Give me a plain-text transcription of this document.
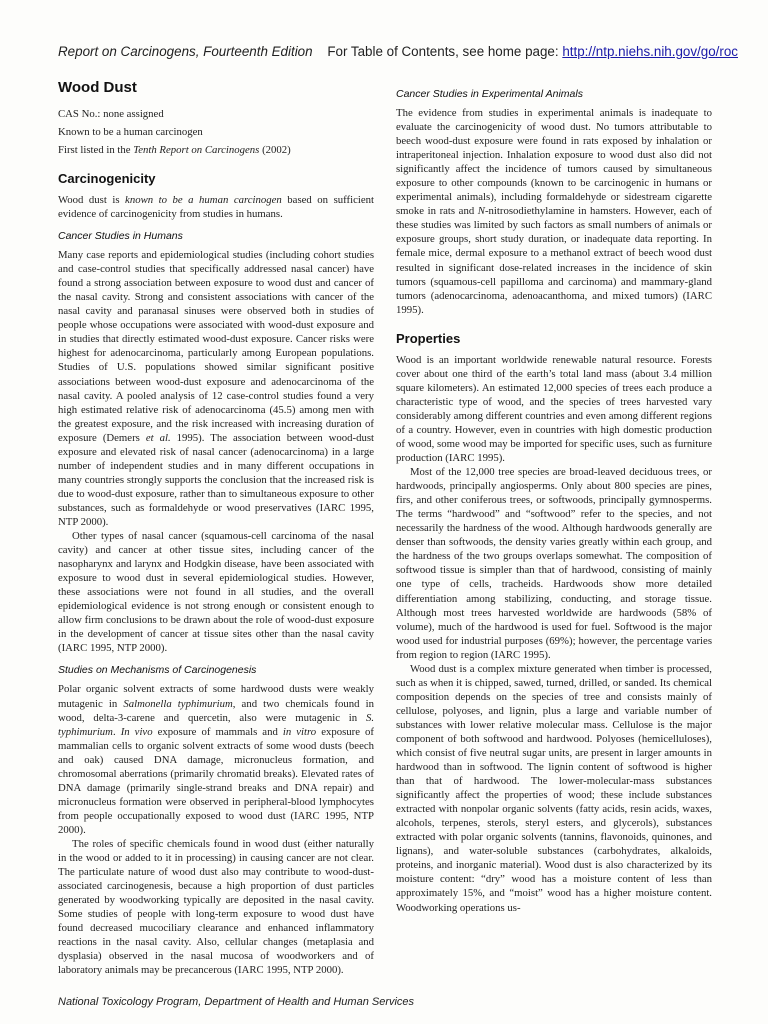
Report on Carcinogens, Fourteenth Edition For Table of Contents, see home page: http://ntp.niehs.nih.gov/go/roc
Wood Dust

CAS No.: none assigned

Known to be a human carcinogen

First listed in the Tenth Report on Carcinogens (2002)

Carcinogenicity

Wood dust is known to be a human carcinogen based on sufficient evidence of carcinogenicity from studies in humans.

Cancer Studies in Humans

Many case reports and epidemiological studies (including cohort studies and case-control studies that specifically addressed nasal cancer) have found a strong association between exposure to wood dust and cancer of the nasal cavity. Strong and consistent associations with cancer of the nasal cavity and paranasal sinuses were observed both in studies of people whose occupations were associated with wood-dust exposure and in studies that directly estimated wood-dust exposure. Cancer risks were highest for adenocarcinoma, particularly among European populations. Studies of U.S. populations showed similar significant positive associations between wood-dust exposure and adenocarcinoma of the nasal cavity. A pooled analysis of 12 case-control studies found a very high estimated relative risk of adenocarcinoma (45.5) among men with the greatest exposure, and the risk increased with increasing duration of exposure (Demers et al. 1995). The association between wood-dust exposure and elevated risk of nasal cancer (adenocarcinoma) in a large number of independent studies and in many different occupations in many countries strongly supports the conclusion that the increased risk is due to wood-dust exposure, rather than to simultaneous exposure to other substances, such as formaldehyde or wood preservatives (IARC 1995, NTP 2000).

Other types of nasal cancer (squamous-cell carcinoma of the nasal cavity) and cancer at other tissue sites, including cancer of the nasopharynx and larynx and Hodgkin disease, have been associated with exposure to wood dust in several epidemiological studies. However, these associations were not found in all studies, and the overall epidemiological evidence is not strong enough or consistent enough to allow firm conclusions to be drawn about the role of wood-dust exposure in the development of cancer at tissue sites other than the nasal cavity (IARC 1995, NTP 2000).

Studies on Mechanisms of Carcinogenesis

Polar organic solvent extracts of some hardwood dusts were weakly mutagenic in Salmonella typhimurium, and two chemicals found in wood, delta-3-carene and quercetin, also were mutagenic in S. typhimurium. In vivo exposure of mammals and in vitro exposure of mammalian cells to organic solvent extracts of some wood dusts (beech and oak) caused DNA damage, micronucleus formation, and chromosomal aberrations (primarily chromatid breaks). Elevated rates of DNA damage (primarily single-strand breaks and DNA repair) and micronucleus formation were observed in peripheral-blood lymphocytes from people occupationally exposed to wood dust (IARC 1995, NTP 2000).

The roles of specific chemicals found in wood dust (either naturally in the wood or added to it in processing) in causing cancer are not clear. The particulate nature of wood dust also may contribute to wood-dust-associated carcinogenesis, because a high proportion of dust particles generated by woodworking typically are deposited in the nasal cavity. Some studies of people with long-term exposure to wood dust have found decreased mucociliary clearance and enhanced inflammatory reactions in the nasal cavity. Also, cellular changes (metaplasia and dysplasia) observed in the nasal mucosa of woodworkers and of laboratory animals may be precancerous (IARC 1995, NTP 2000).

Cancer Studies in Experimental Animals

The evidence from studies in experimental animals is inadequate to evaluate the carcinogenicity of wood dust. No tumors attributable to beech wood-dust exposure were found in rats exposed by inhalation or intraperitoneal injection. Inhalation exposure to wood dust also did not significantly affect the incidence of tumors caused by simultaneous exposure to other compounds (known to be carcinogenic in humans or experimental animals), including formaldehyde or sidestream cigarette smoke in rats and N-nitrosodiethylamine in hamsters. However, each of these studies was limited by such factors as small numbers of animals or exposure groups, short study duration, or inadequate data reporting. In female mice, dermal exposure to a methanol extract of beech wood dust resulted in significant dose-related increases in the incidence of skin tumors (squamous-cell papilloma and carcinoma) and mammary-gland tumors (adenocarcinoma, adenoacanthoma, and mixed tumors) (IARC 1995).

Properties

Wood is an important worldwide renewable natural resource. Forests cover about one third of the earth’s total land mass (about 3.4 million square kilometers). An estimated 12,000 species of trees each produce a characteristic type of wood, and the species of trees harvested vary considerably among different countries and even among different regions of a country. However, even in countries with high domestic production of wood, some wood may be imported for specific uses, such as furniture production (IARC 1995).

Most of the 12,000 tree species are broad-leaved deciduous trees, or hardwoods, principally angiosperms. Only about 800 species are pines, firs, and other coniferous trees, or softwoods, principally gymnosperms. The terms “hardwood” and “softwood” refer to the species, and not necessarily the hardness of the wood. Although hardwoods generally are denser than softwoods, the density varies greatly within each group, and the hardness of the two groups overlaps somewhat. The composition of softwood tissue is simpler than that of hardwood, consisting of mainly one type of cells, tracheids. Hardwoods show more detailed differentiation among stabilizing, conducting, and storage tissue. Although most trees harvested worldwide are hardwoods (58% of volume), much of the hardwood is used for fuel. Softwood is the major wood used for industrial purposes (69%); however, the percentage varies from region to region (IARC 1995).

Wood dust is a complex mixture generated when timber is processed, such as when it is chipped, sawed, turned, drilled, or sanded. Its chemical composition depends on the species of tree and consists mainly of cellulose, polyoses, and lignin, plus a large and variable number of substances with lower relative molecular mass. Cellulose is the major component of both softwood and hardwood. Polyoses (hemicelluloses), which consist of five neutral sugar units, are present in larger amounts in hardwood than in softwood. The lignin content of softwood is higher than that of hardwood. The lower-molecular-mass substances significantly affect the properties of wood; these include substances extracted with nonpolar organic solvents (fatty acids, resin acids, waxes, alcohols, terpenes, sterols, steryl esters, and glycerols), substances extracted with polar organic solvents (tannins, flavonoids, quinones, and lignans), and water-soluble substances (carbohydrates, alkaloids, proteins, and inorganic material). Wood dust is also characterized by its moisture content: “dry” wood has a moisture content of less than approximately 15%, and “moist” wood has a higher moisture content. Woodworking operations us-

National Toxicology Program, Department of Health and Human Services
